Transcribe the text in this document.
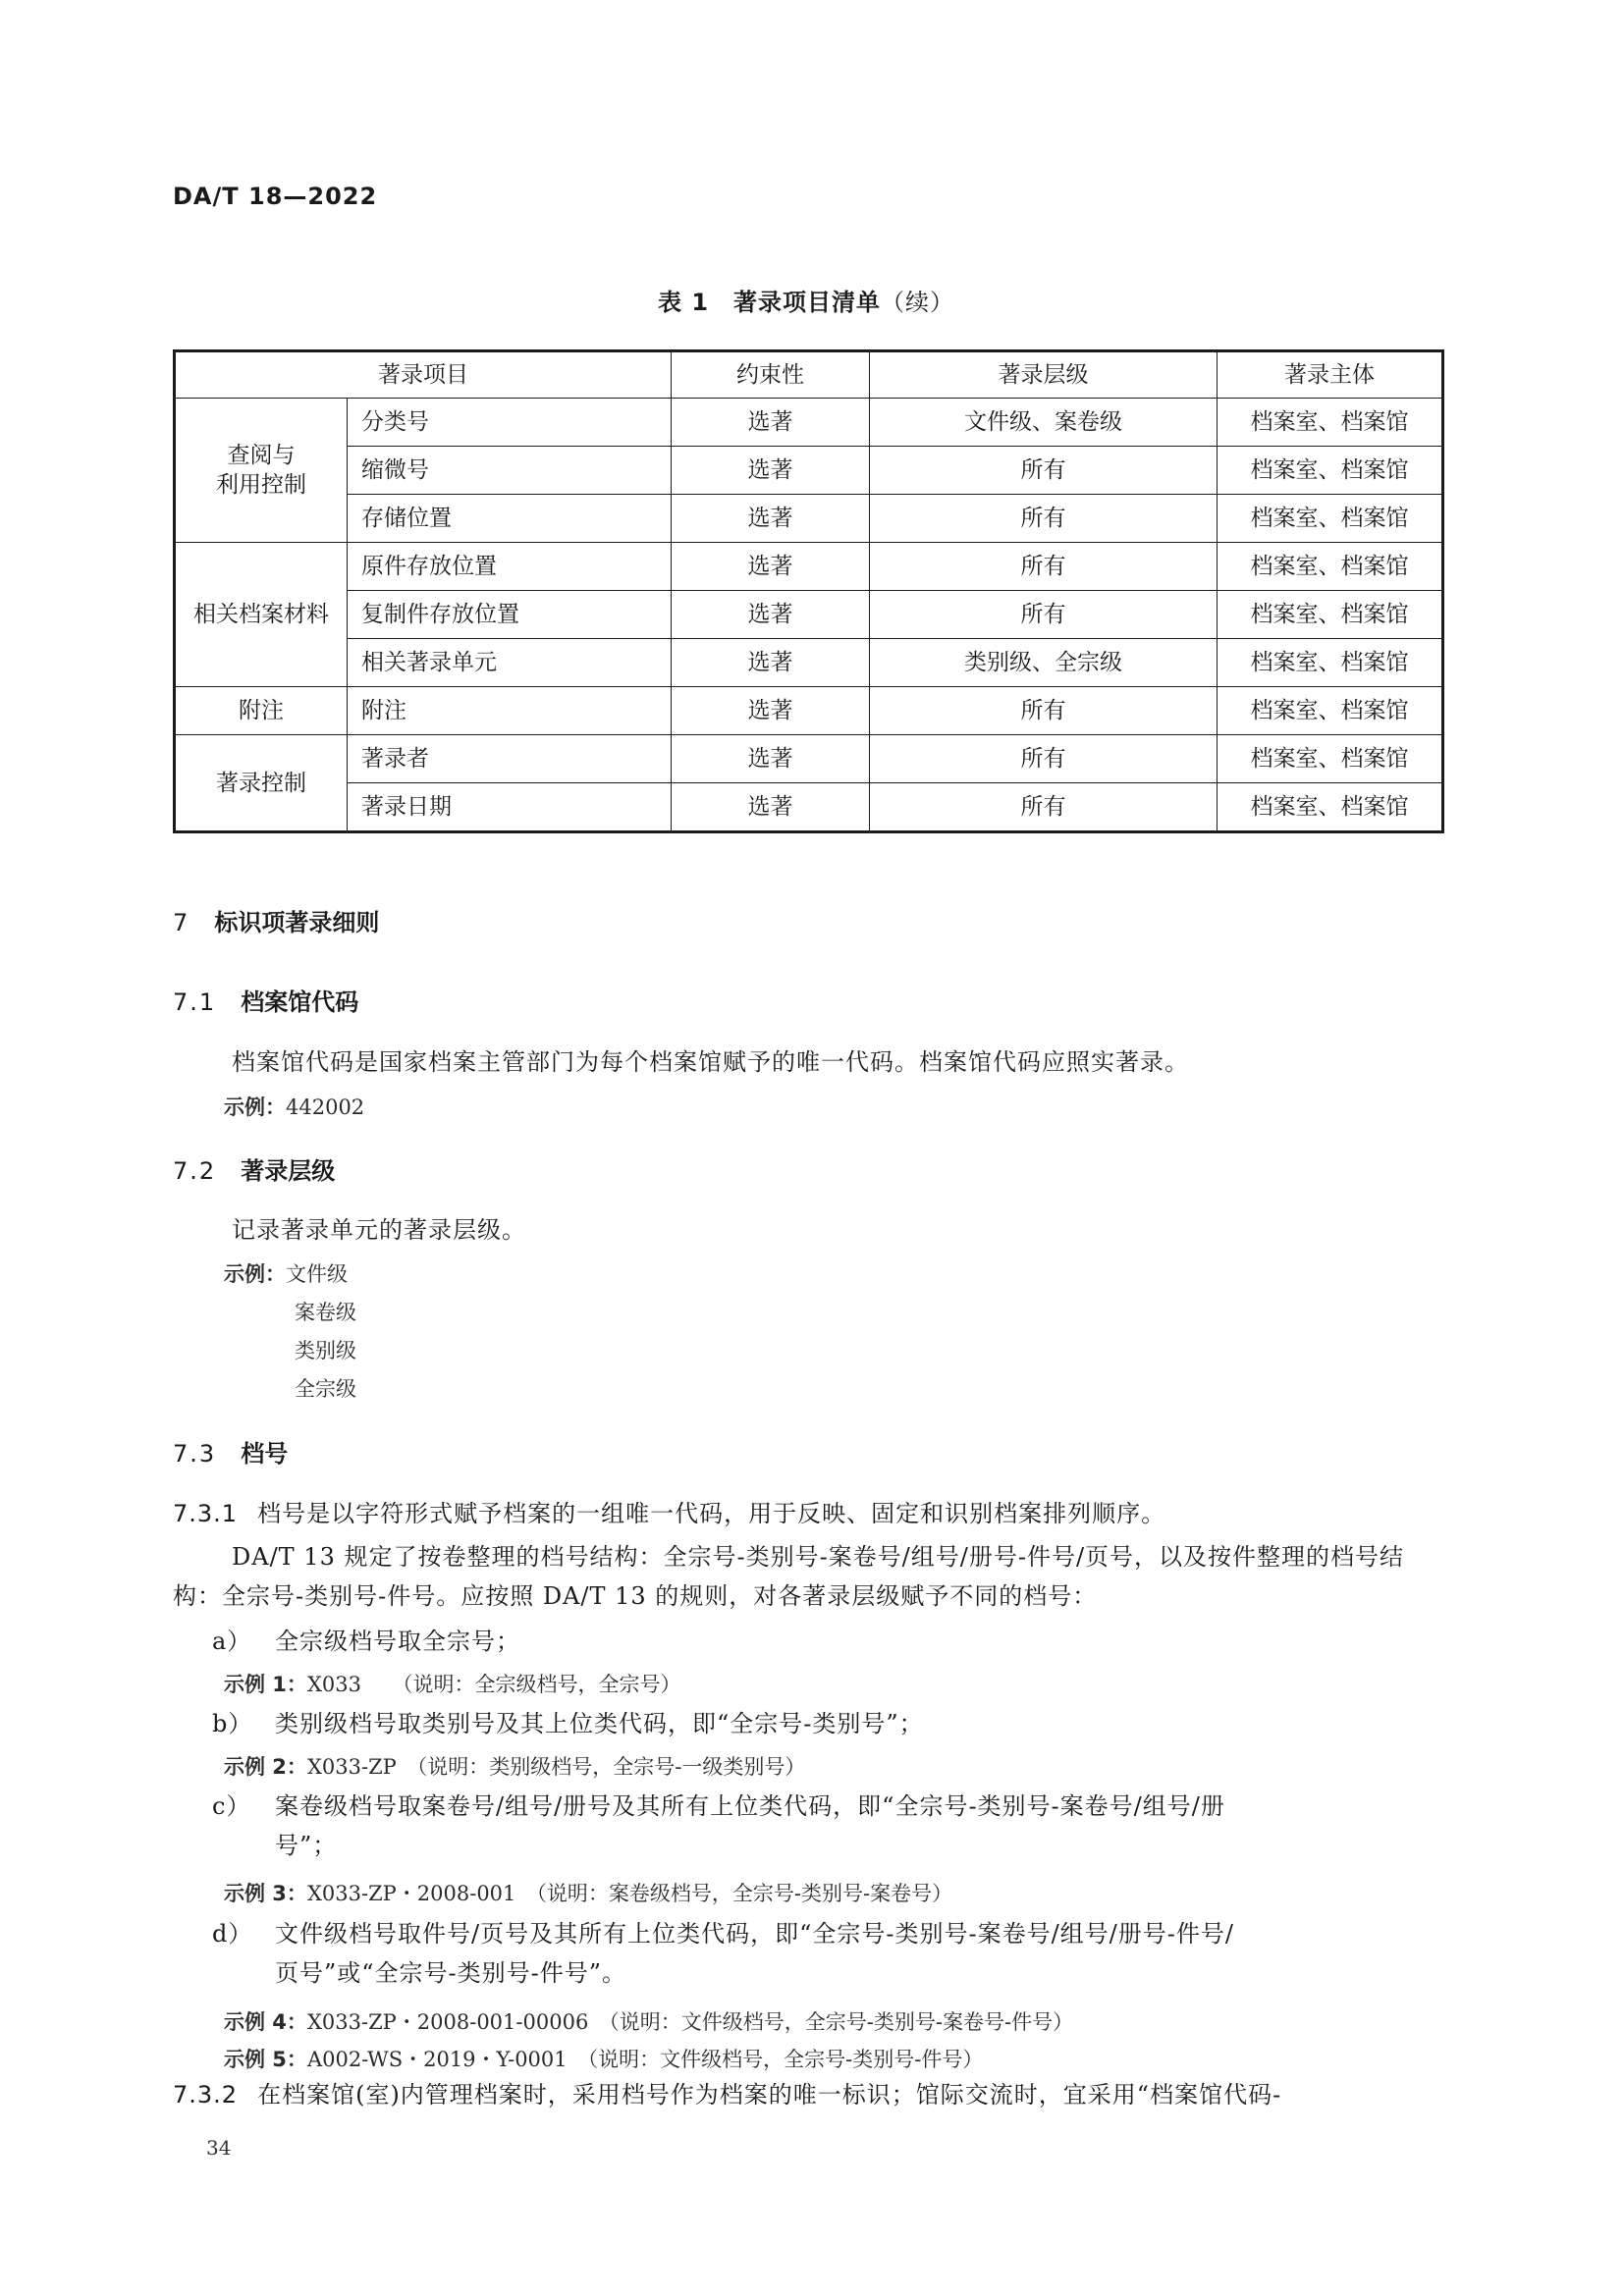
DA/T 18—2022
表 1　著录项目清单（续）
著录项目		约束性	著录层级	著录主体

查阅与
利用控制	分类号	选著	文件级、案卷级	档案室、档案馆
	缩微号	选著	所有	档案室、档案馆
	存储位置	选著	所有	档案室、档案馆

相关档案材料	原件存放位置	选著	所有	档案室、档案馆
	复制件存放位置	选著	所有	档案室、档案馆
	相关著录单元	选著	类别级、全宗级	档案室、档案馆

附注	附注	选著	所有	档案室、档案馆

著录控制	著录者	选著	所有	档案室、档案馆
	著录日期	选著	所有	档案室、档案馆
7 标识项著录细则
7.1 档案馆代码

档案馆代码是国家档案主管部门为每个档案馆赋予的唯一代码。档案馆代码应照实著录。

示例：442002
7.2 著录层级

记录著录单元的著录层级。

示例：文件级
案卷级
类别级
全宗级
7.3 档号

7.3.1 档号是以字符形式赋予档案的一组唯一代码，用于反映、固定和识别档案排列顺序。

DA/T 13 规定了按卷整理的档号结构：全宗号-类别号-案卷号/组号/册号-件号/页号，以及按件整理的档号结构：全宗号-类别号-件号。应按照 DA/T 13 的规则，对各著录层级赋予不同的档号：

a） 全宗级档号取全宗号；

示例 1：X033　　（说明：全宗级档号，全宗号）

b） 类别级档号取类别号及其上位类代码，即“全宗号-类别号”；

示例 2：X033-ZP　（说明：类别级档号，全宗号-一级类别号）

c） 案卷级档号取案卷号/组号/册号及其所有上位类代码，即“全宗号-类别号-案卷号/组号/册
号”；

示例 3：X033-ZP・2008-001　（说明：案卷级档号，全宗号-类别号-案卷号）

d） 文件级档号取件号/页号及其所有上位类代码，即“全宗号-类别号-案卷号/组号/册号-件号/
页号”或“全宗号-类别号-件号”。

示例 4：X033-ZP・2008-001-00006　（说明：文件级档号，全宗号-类别号-案卷号-件号）
示例 5：A002-WS・2019・Y-0001　（说明：文件级档号，全宗号-类别号-件号）

7.3.2 在档案馆(室)内管理档案时，采用档号作为档案的唯一标识；馆际交流时，宜采用“档案馆代码-

34
